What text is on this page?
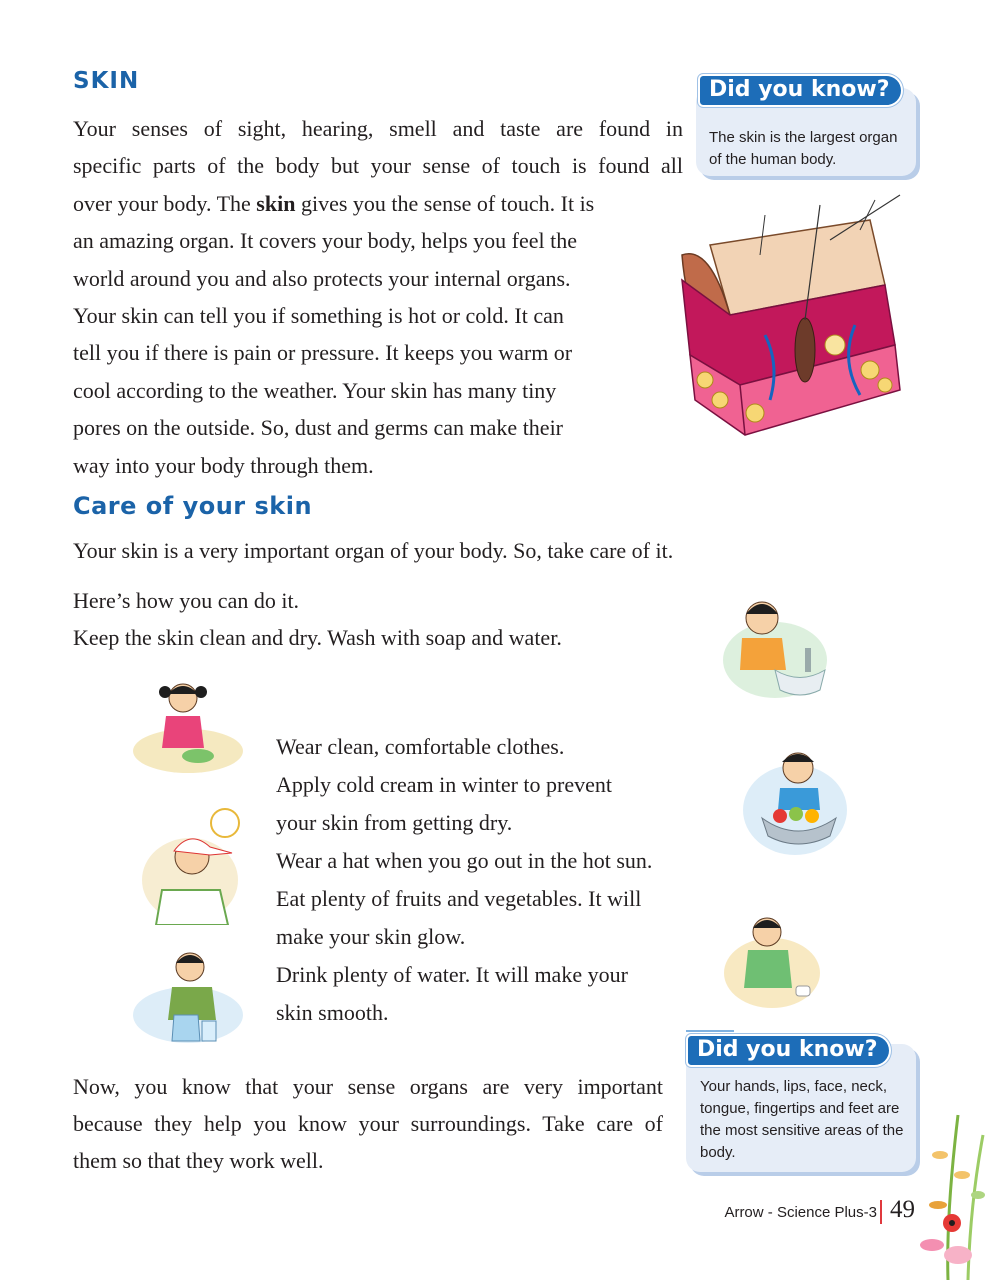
SKIN
Your senses of sight, hearing, smell and taste are found in
specific parts of the body but your sense of touch is found all
over your body. The skin gives you the sense of touch. It is
an amazing organ. It covers your body, helps you feel the
world around you and also protects your internal organs.
Your skin can tell you if something is hot or cold. It can
tell you if there is pain or pressure. It keeps you warm or
cool according to the weather. Your skin has many tiny
pores on the outside. So, dust and germs can make their
way into your body through them.
The skin is the largest organ of the human body.
Did you know?
Care of your skin

Your skin is a very important organ of your body. So, take care of it.

Here’s how you can do it.

Keep the skin clean and dry. Wash with soap and water.

Wear clean, comfortable clothes.
Apply cold cream in winter to prevent
your skin from getting dry.
Wear a hat when you go out in the hot sun.
Eat plenty of fruits and vegetables. It will
make your skin glow.
Drink plenty of water. It will make your
skin smooth.
Now, you know that your sense organs are very important
because they help you know your surroundings. Take care of
them so that they work well.
Your hands, lips, face, neck, tongue, fingertips and feet are the most sensitive areas of the body.
Did you know?
Arrow - Science Plus-3 49
